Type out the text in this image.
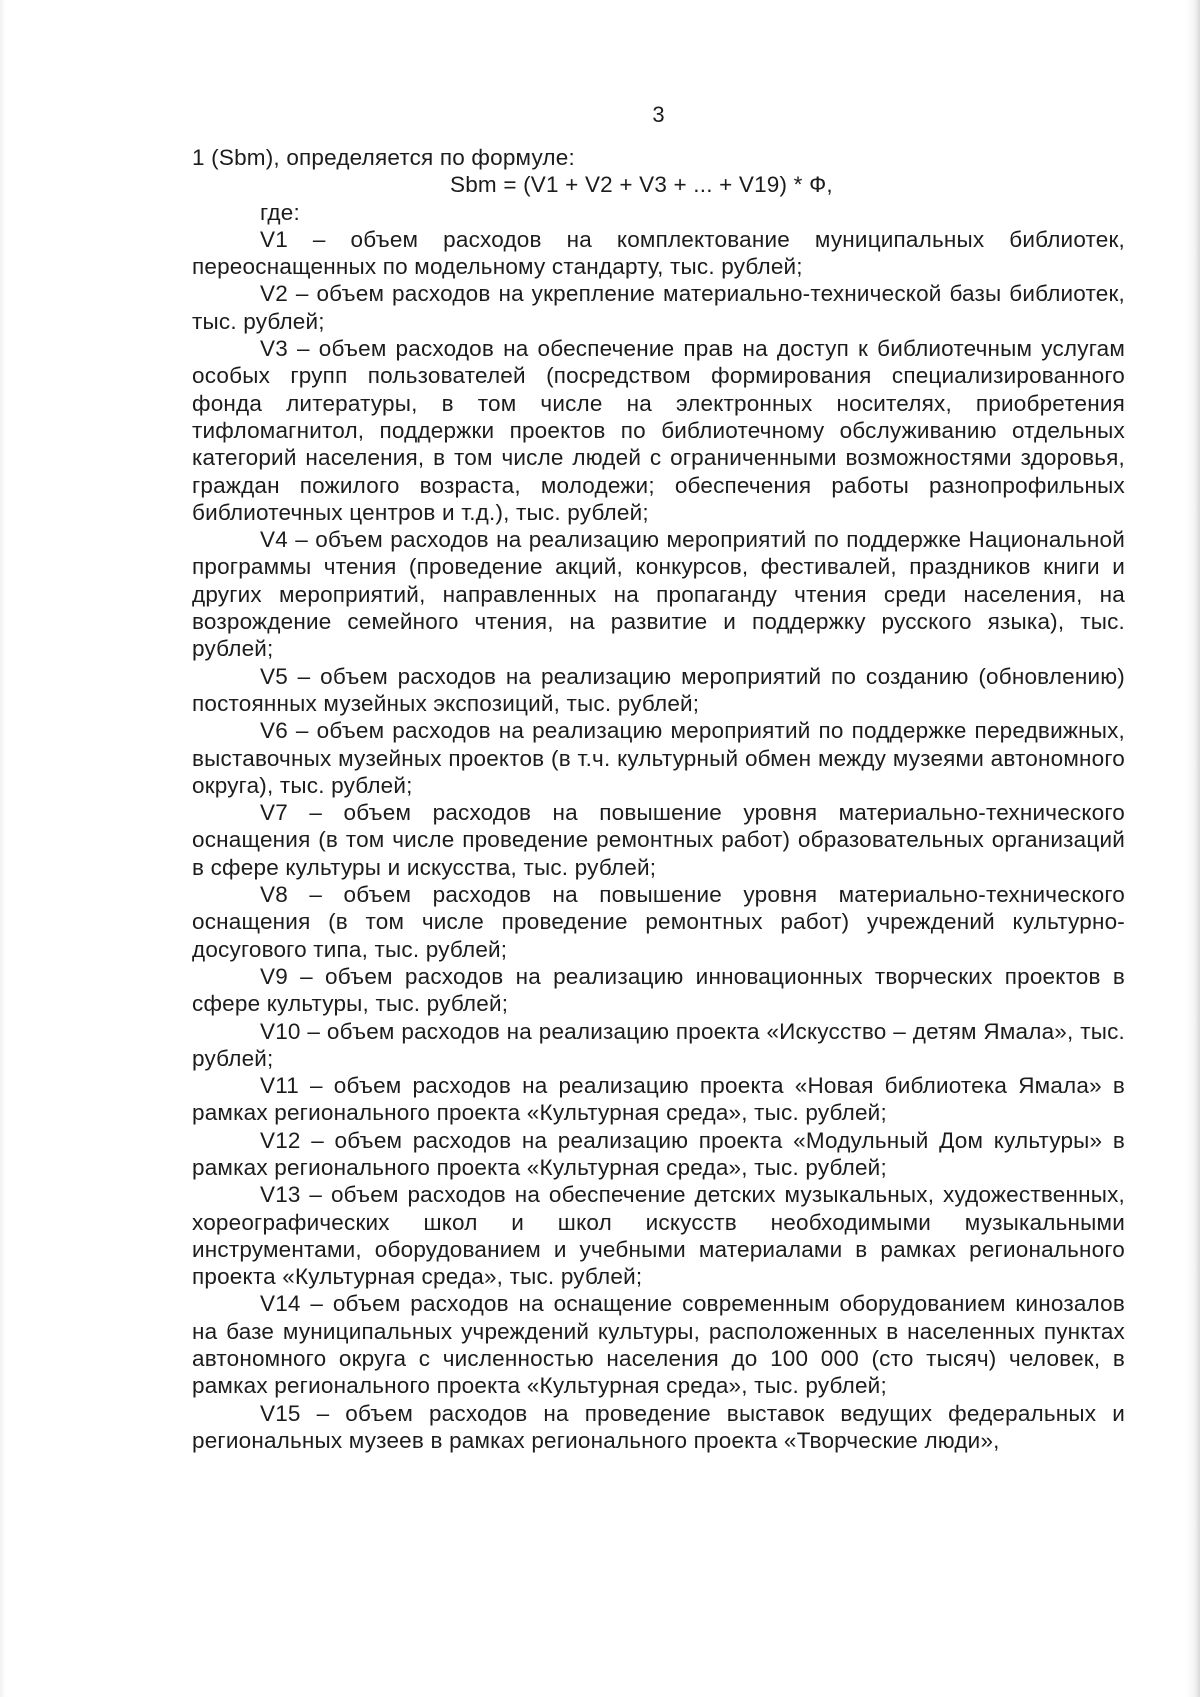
3

1 (Sbm), определяется по формуле:

Sbm = (V1 + V2 + V3 + ... + V19) * Ф,

где:

V1 – объем расходов на комплектование муниципальных библиотек, переоснащенных по модельному стандарту, тыс. рублей;

V2 – объем расходов на укрепление материально-технической базы библиотек, тыс. рублей;

V3 – объем расходов на обеспечение прав на доступ к библиотечным услугам особых групп пользователей (посредством формирования специализированного фонда литературы, в том числе на электронных носителях, приобретения тифломагнитол, поддержки проектов по библиотечному обслуживанию отдельных категорий населения, в том числе людей с ограниченными возможностями здоровья, граждан пожилого возраста, молодежи; обеспечения работы разнопрофильных библиотечных центров и т.д.), тыс. рублей;

V4 – объем расходов на реализацию мероприятий по поддержке Национальной программы чтения (проведение акций, конкурсов, фестивалей, праздников книги и других мероприятий, направленных на пропаганду чтения среди населения, на возрождение семейного чтения, на развитие и поддержку русского языка), тыс. рублей;

V5 – объем расходов на реализацию мероприятий по созданию (обновлению) постоянных музейных экспозиций, тыс. рублей;

V6 – объем расходов на реализацию мероприятий по поддержке передвижных, выставочных музейных проектов (в т.ч. культурный обмен между музеями автономного округа), тыс. рублей;

V7 – объем расходов на повышение уровня материально-технического оснащения (в том числе проведение ремонтных работ) образовательных организаций в сфере культуры и искусства, тыс. рублей;

V8 – объем расходов на повышение уровня материально-технического оснащения (в том числе проведение ремонтных работ) учреждений культурно-досугового типа, тыс. рублей;

V9 – объем расходов на реализацию инновационных творческих проектов в сфере культуры, тыс. рублей;

V10 – объем расходов на реализацию проекта «Искусство – детям Ямала», тыс. рублей;

V11 – объем расходов на реализацию проекта «Новая библиотека Ямала» в рамках регионального проекта «Культурная среда», тыс. рублей;

V12 – объем расходов на реализацию проекта «Модульный Дом культуры» в рамках регионального проекта «Культурная среда», тыс. рублей;

V13 – объем расходов на обеспечение детских музыкальных, художественных, хореографических школ и школ искусств необходимыми музыкальными инструментами, оборудованием и учебными материалами в рамках регионального проекта «Культурная среда», тыс. рублей;

V14 – объем расходов на оснащение современным оборудованием кинозалов на базе муниципальных учреждений культуры, расположенных в населенных пунктах автономного округа с численностью населения до 100 000 (сто тысяч) человек, в рамках регионального проекта «Культурная среда», тыс. рублей;

V15 – объем расходов на проведение выставок ведущих федеральных и региональных музеев в рамках регионального проекта «Творческие люди»,
